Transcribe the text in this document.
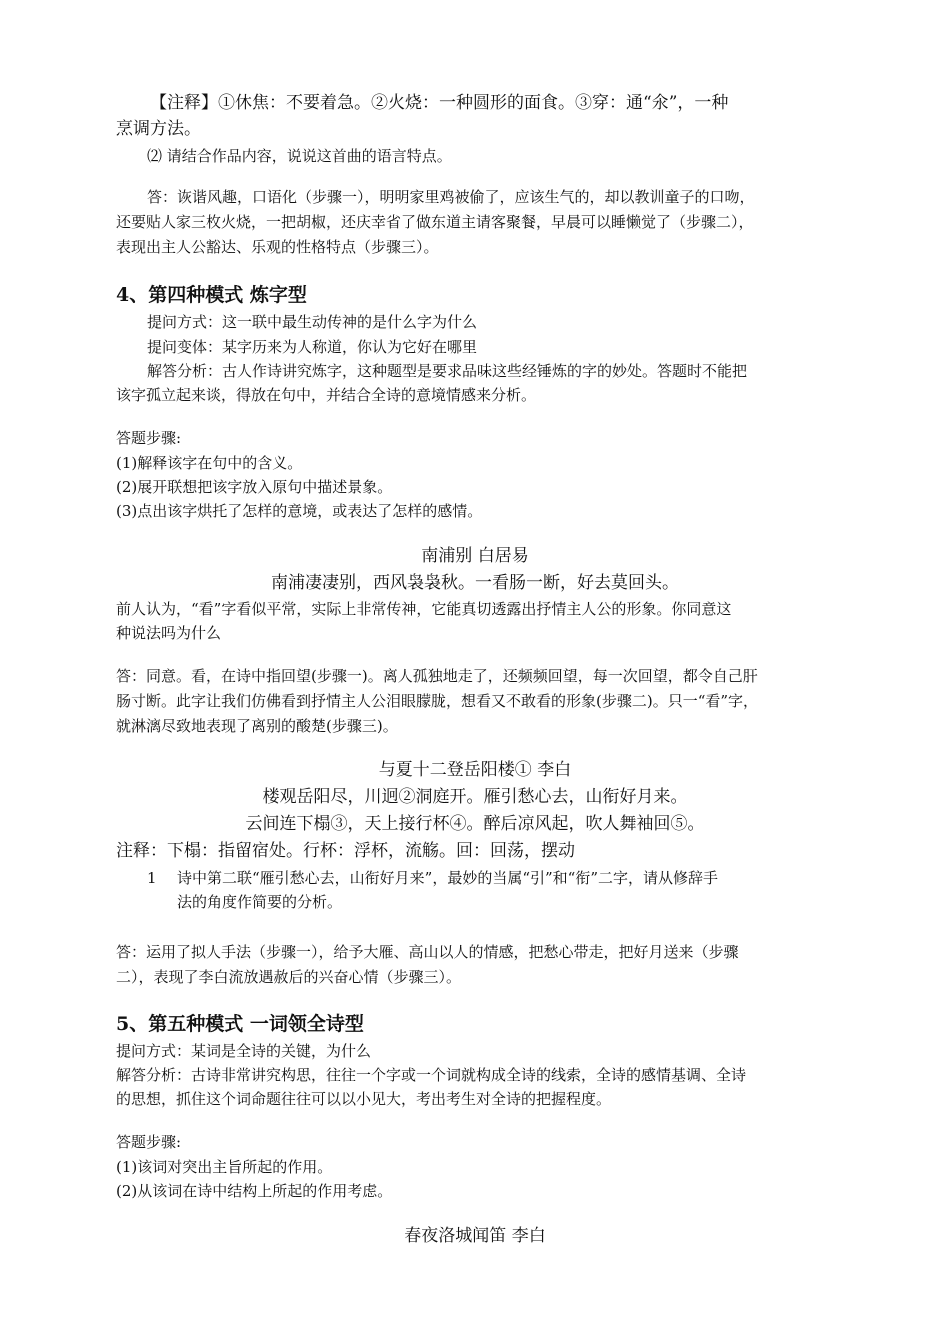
【注释】①休焦：不要着急。②火烧：一种圆形的面食。③穿：通“氽”，一种
烹调方法。
⑵ 请结合作品内容，说说这首曲的语言特点。
答：诙谐风趣，口语化（步骤一），明明家里鸡被偷了，应该生气的，却以教训童子的口吻，
还要贴人家三枚火烧，一把胡椒，还庆幸省了做东道主请客聚餐，早晨可以睡懒觉了（步骤二），
表现出主人公豁达、乐观的性格特点（步骤三）。
4、第四种模式 炼字型
提问方式：这一联中最生动传神的是什么字为什么
提问变体：某字历来为人称道，你认为它好在哪里
解答分析：古人作诗讲究炼字，这种题型是要求品味这些经锤炼的字的妙处。答题时不能把
该字孤立起来谈，得放在句中，并结合全诗的意境情感来分析。
答题步骤:
(1)解释该字在句中的含义。
(2)展开联想把该字放入原句中描述景象。
(3)点出该字烘托了怎样的意境，或表达了怎样的感情。
南浦别 白居易
南浦凄凄别，西风袅袅秋。一看肠一断，好去莫回头。
前人认为，“看”字看似平常，实际上非常传神，它能真切透露出抒情主人公的形象。你同意这
种说法吗为什么
答：同意。看，在诗中指回望(步骤一)。离人孤独地走了，还频频回望，每一次回望，都令自己肝
肠寸断。此字让我们仿佛看到抒情主人公泪眼朦胧，想看又不敢看的形象(步骤二)。只一“看”字，
就淋漓尽致地表现了离别的酸楚(步骤三)。
与夏十二登岳阳楼① 李白
楼观岳阳尽，川迥②洞庭开。雁引愁心去，山衔好月来。
云间连下榻③，天上接行杯④。醉后凉风起，吹人舞袖回⑤。
注释：下榻：指留宿处。行杯：浮杯，流觞。回：回荡，摆动
1 诗中第二联“雁引愁心去，山衔好月来”，最妙的当属“引”和“衔”二字，请从修辞手
法的角度作简要的分析。
答：运用了拟人手法（步骤一），给予大雁、高山以人的情感，把愁心带走，把好月送来（步骤
二），表现了李白流放遇赦后的兴奋心情（步骤三）。
5、第五种模式 一词领全诗型
提问方式：某词是全诗的关键，为什么
解答分析：古诗非常讲究构思，往往一个字或一个词就构成全诗的线索，全诗的感情基调、全诗
的思想，抓住这个词命题往往可以以小见大，考出考生对全诗的把握程度。
答题步骤:
(1)该词对突出主旨所起的作用。
(2)从该词在诗中结构上所起的作用考虑。
春夜洛城闻笛 李白
